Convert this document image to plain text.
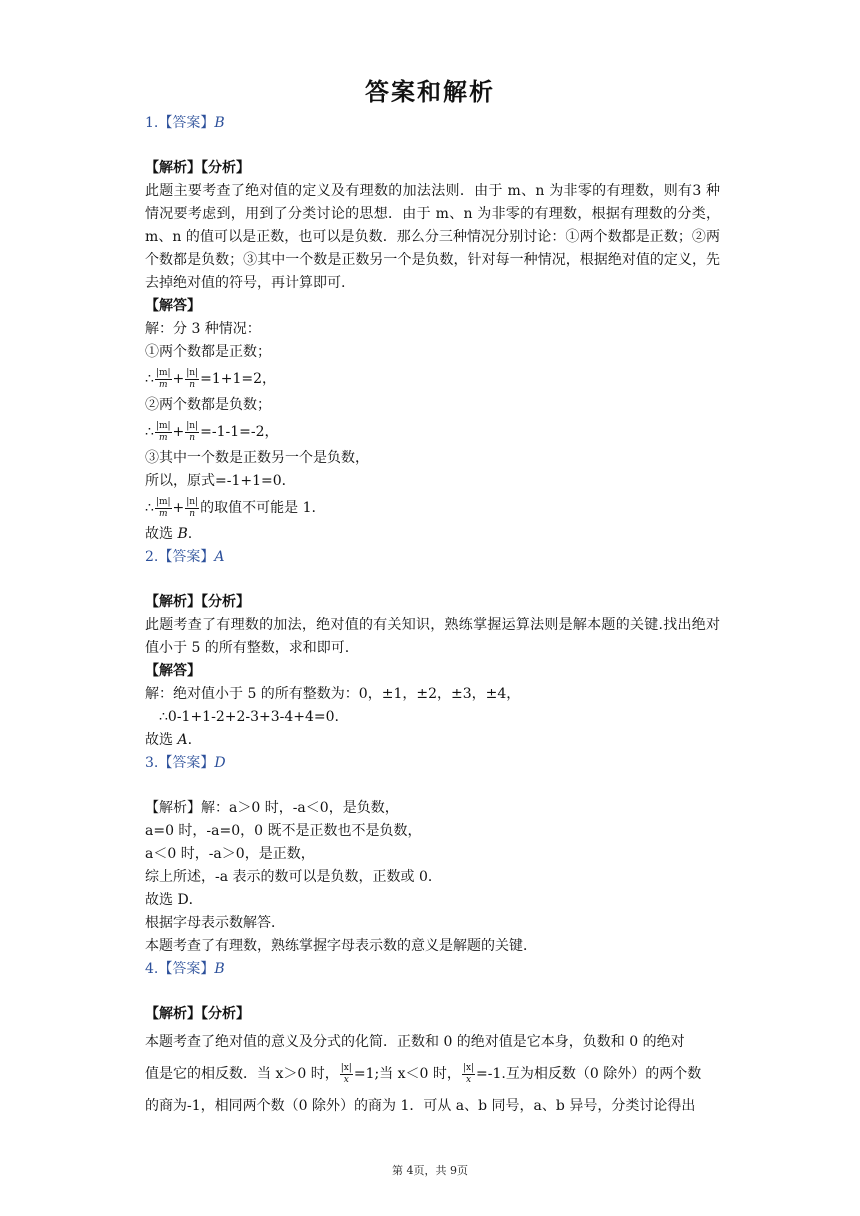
答案和解析
1.【答案】B
【解析】【分析】
此题主要考查了绝对值的定义及有理数的加法法则．由于 m、n 为非零的有理数，则有3 种情况要考虑到，用到了分类讨论的思想．由于 m、n 为非零的有理数，根据有理数的分类，m、n 的值可以是正数，也可以是负数．那么分三种情况分别讨论：①两个数都是正数；②两个数都是负数；③其中一个数是正数另一个是负数，针对每一种情况，根据绝对值的定义，先去掉绝对值的符号，再计算即可.
【解答】
解：分 3 种情况：
①两个数都是正数；
∴ $\frac{|m|}{m} + \frac{|n|}{n} =1+1=2$，
②两个数都是负数；
∴ $\frac{|m|}{m} + \frac{|n|}{n} =-1-1=-2$，
③其中一个数是正数另一个是负数，
所以，原式=-1+1=0．
∴ $\frac{|m|}{m} + \frac{|n|}{n}$ 的取值不可能是 1.
故选 B.
2.【答案】A
【解析】【分析】
此题考查了有理数的加法，绝对值的有关知识，熟练掌握运算法则是解本题的关键.找出绝对值小于 5 的所有整数，求和即可.
【解答】
解：绝对值小于 5 的所有整数为：0，±1，±2，±3，±4，
∴0-1+1-2+2-3+3-4+4=0.
故选 A.
3.【答案】D
【解析】解：a＞0 时，-a＜0，是负数，
a=0 时，-a=0，0 既不是正数也不是负数，
a＜0 时，-a＞0，是正数，
综上所述，-a 表示的数可以是负数，正数或 0．
故选 D．
根据字母表示数解答．
本题考查了有理数，熟练掌握字母表示数的意义是解题的关键．
4.【答案】B
【解析】【分析】
本题考查了绝对值的意义及分式的化简．正数和 0 的绝对值是它本身，负数和 0 的绝对
值是它的相反数．当 x＞0 时， $\frac{|x|}{x} =1$;当 x＜0 时， $\frac{|x|}{x} =-1$.互为相反数（0 除外）的两个数
的商为-1，相同两个数（0 除外）的商为 1．可从 a、b 同号，a、b 异号，分类讨论得出
第 4页，共 9页
